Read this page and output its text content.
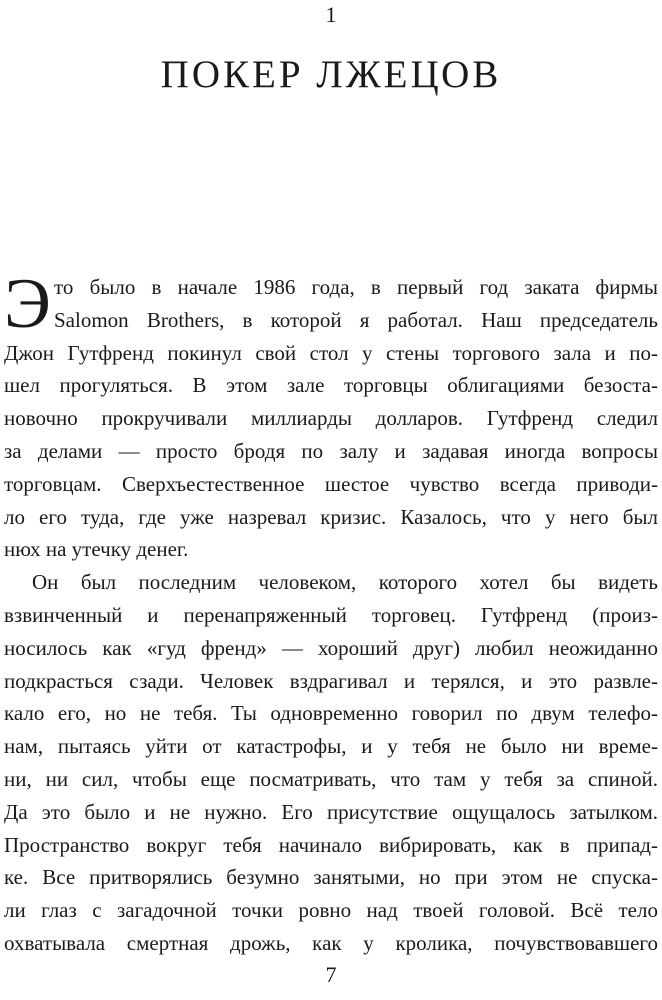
1
ПОКЕР ЛЖЕЦОВ
Э то было в начале 1986 года, в первый год заката фирмы
Salomon Brothers, в которой я работал. Наш председатель
Джон Гутфренд покинул свой стол у стены торгового зала и по-
шел прогуляться. В этом зале торговцы облигациями безоста-
новочно прокручивали миллиарды долларов. Гутфренд следил
за делами — просто бродя по залу и задавая иногда вопросы
торговцам. Сверхъестественное шестое чувство всегда приводи-
ло его туда, где уже назревал кризис. Казалось, что у него был
нюх на утечку денег.
Он был последним человеком, которого хотел бы видеть
взвинченный и перенапряженный торговец. Гутфренд (произ-
носилось как «гуд френд» — хороший друг) любил неожиданно
подкрасться сзади. Человек вздрагивал и терялся, и это развле-
кало его, но не тебя. Ты одновременно говорил по двум телефо-
нам, пытаясь уйти от катастрофы, и у тебя не было ни време-
ни, ни сил, чтобы еще посматривать, что там у тебя за спиной.
Да это было и не нужно. Его присутствие ощущалось затылком.
Пространство вокруг тебя начинало вибрировать, как в припад-
ке. Все притворялись безумно занятыми, но при этом не спуска-
ли глаз с загадочной точки ровно над твоей головой. Всё тело
охватывала смертная дрожь, как у кролика, почувствовавшего
7
